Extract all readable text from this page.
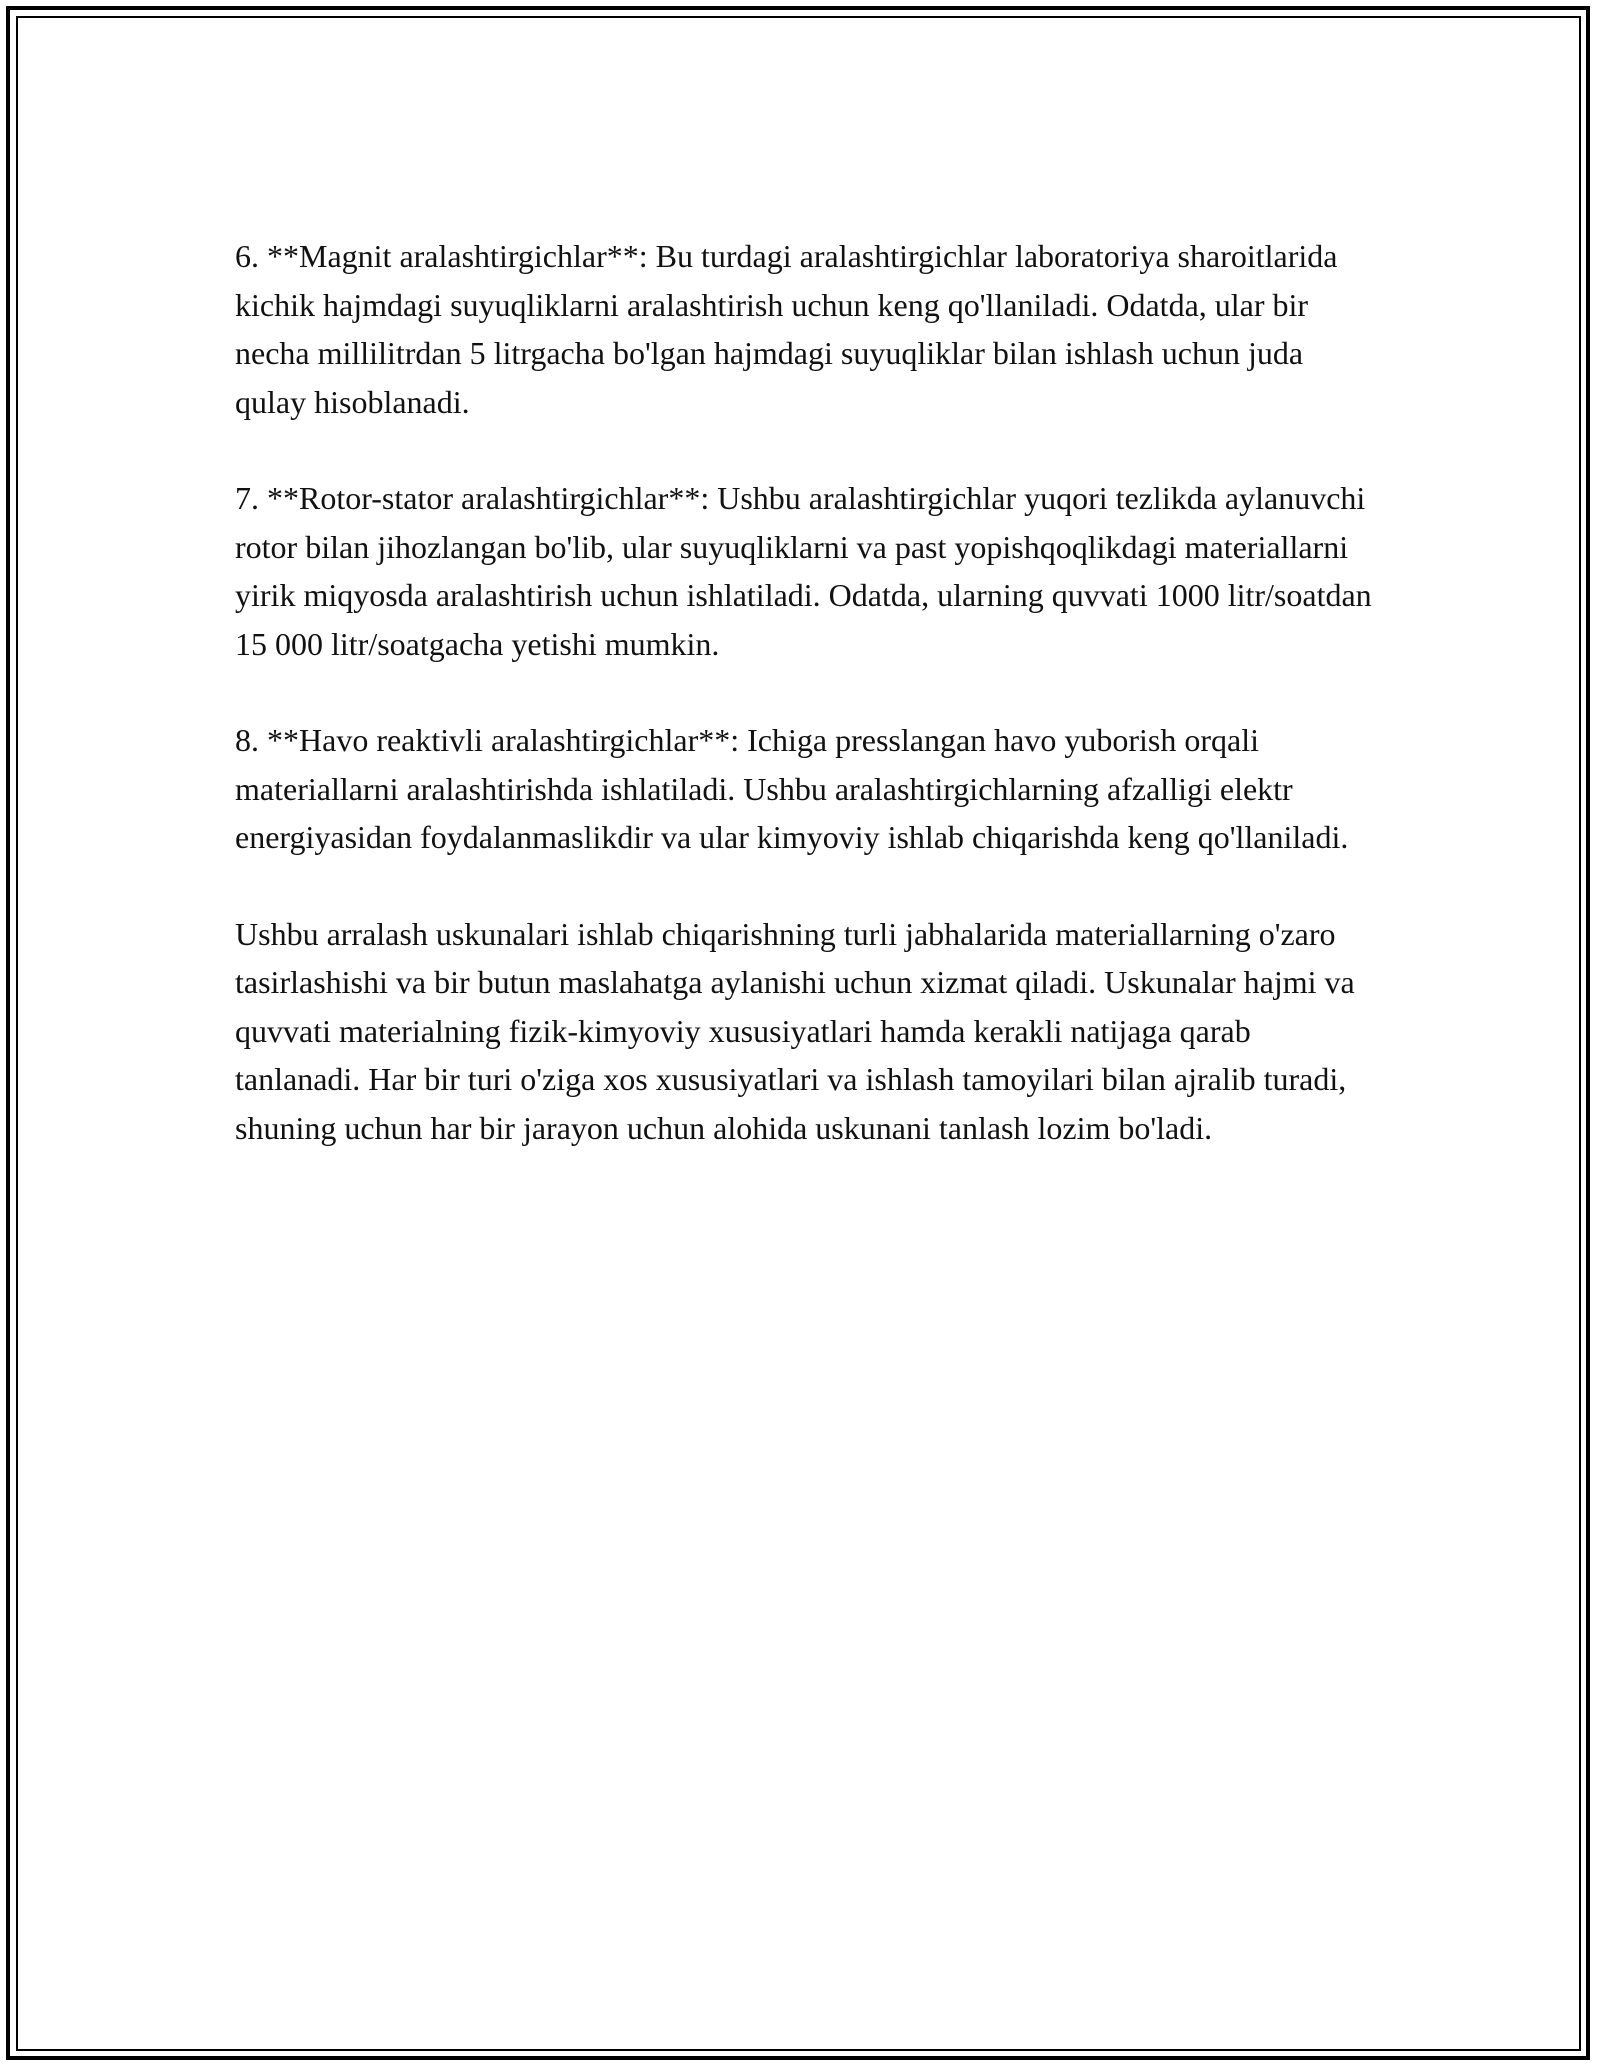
6. **Magnit aralashtirgichlar**: Bu turdagi aralashtirgichlar laboratoriya sharoitlarida kichik hajmdagi suyuqliklarni aralashtirish uchun keng qo'llaniladi. Odatda, ular bir necha millilitrdan 5 litrgacha bo'lgan hajmdagi suyuqliklar bilan ishlash uchun juda qulay hisoblanadi.

7. **Rotor-stator aralashtirgichlar**: Ushbu aralashtirgichlar yuqori tezlikda aylanuvchi rotor bilan jihozlangan bo'lib, ular suyuqliklarni va past yopishqoqlikdagi materiallarni yirik miqyosda aralashtirish uchun ishlatiladi. Odatda, ularning quvvati 1000 litr/soatdan 15 000 litr/soatgacha yetishi mumkin.

8. **Havo reaktivli aralashtirgichlar**: Ichiga presslangan havo yuborish orqali materiallarni aralashtirishda ishlatiladi. Ushbu aralashtirgichlarning afzalligi elektr energiyasidan foydalanmaslikdir va ular kimyoviy ishlab chiqarishda keng qo'llaniladi.

Ushbu arralash uskunalari ishlab chiqarishning turli jabhalarida materiallarning o'zaro tasirlashishi va bir butun maslahatga aylanishi uchun xizmat qiladi. Uskunalar hajmi va quvvati materialning fizik-kimyoviy xususiyatlari hamda kerakli natijaga qarab tanlanadi. Har bir turi o'ziga xos xususiyatlari va ishlash tamoyilari bilan ajralib turadi, shuning uchun har bir jarayon uchun alohida uskunani tanlash lozim bo'ladi.
